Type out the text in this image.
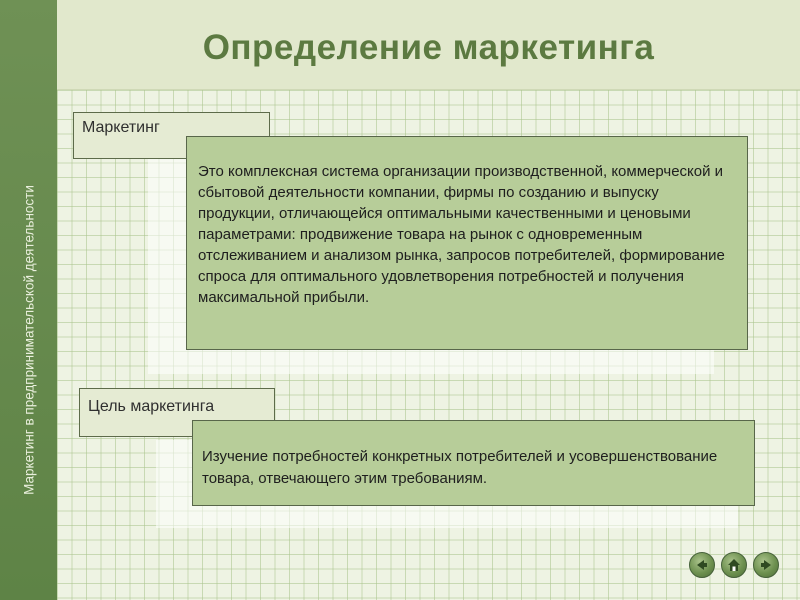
Маркетинг в предпринимательской деятельности
Определение маркетинга
Маркетинг

Это комплексная система организации производственной, коммерческой и сбытовой деятельности компании, фирмы по созданию и выпуску продукции, отличающейся оптимальными качественными и ценовыми параметрами: продвижение товара на рынок с одновременным отслеживанием и анализом рынка, запросов потребителей, формирование спроса для оптимального удовлетворения потребностей и получения максимальной прибыли.

Цель маркетинга

Изучение потребностей конкретных потребителей и усовершенствование товара, отвечающего этим требованиям.
